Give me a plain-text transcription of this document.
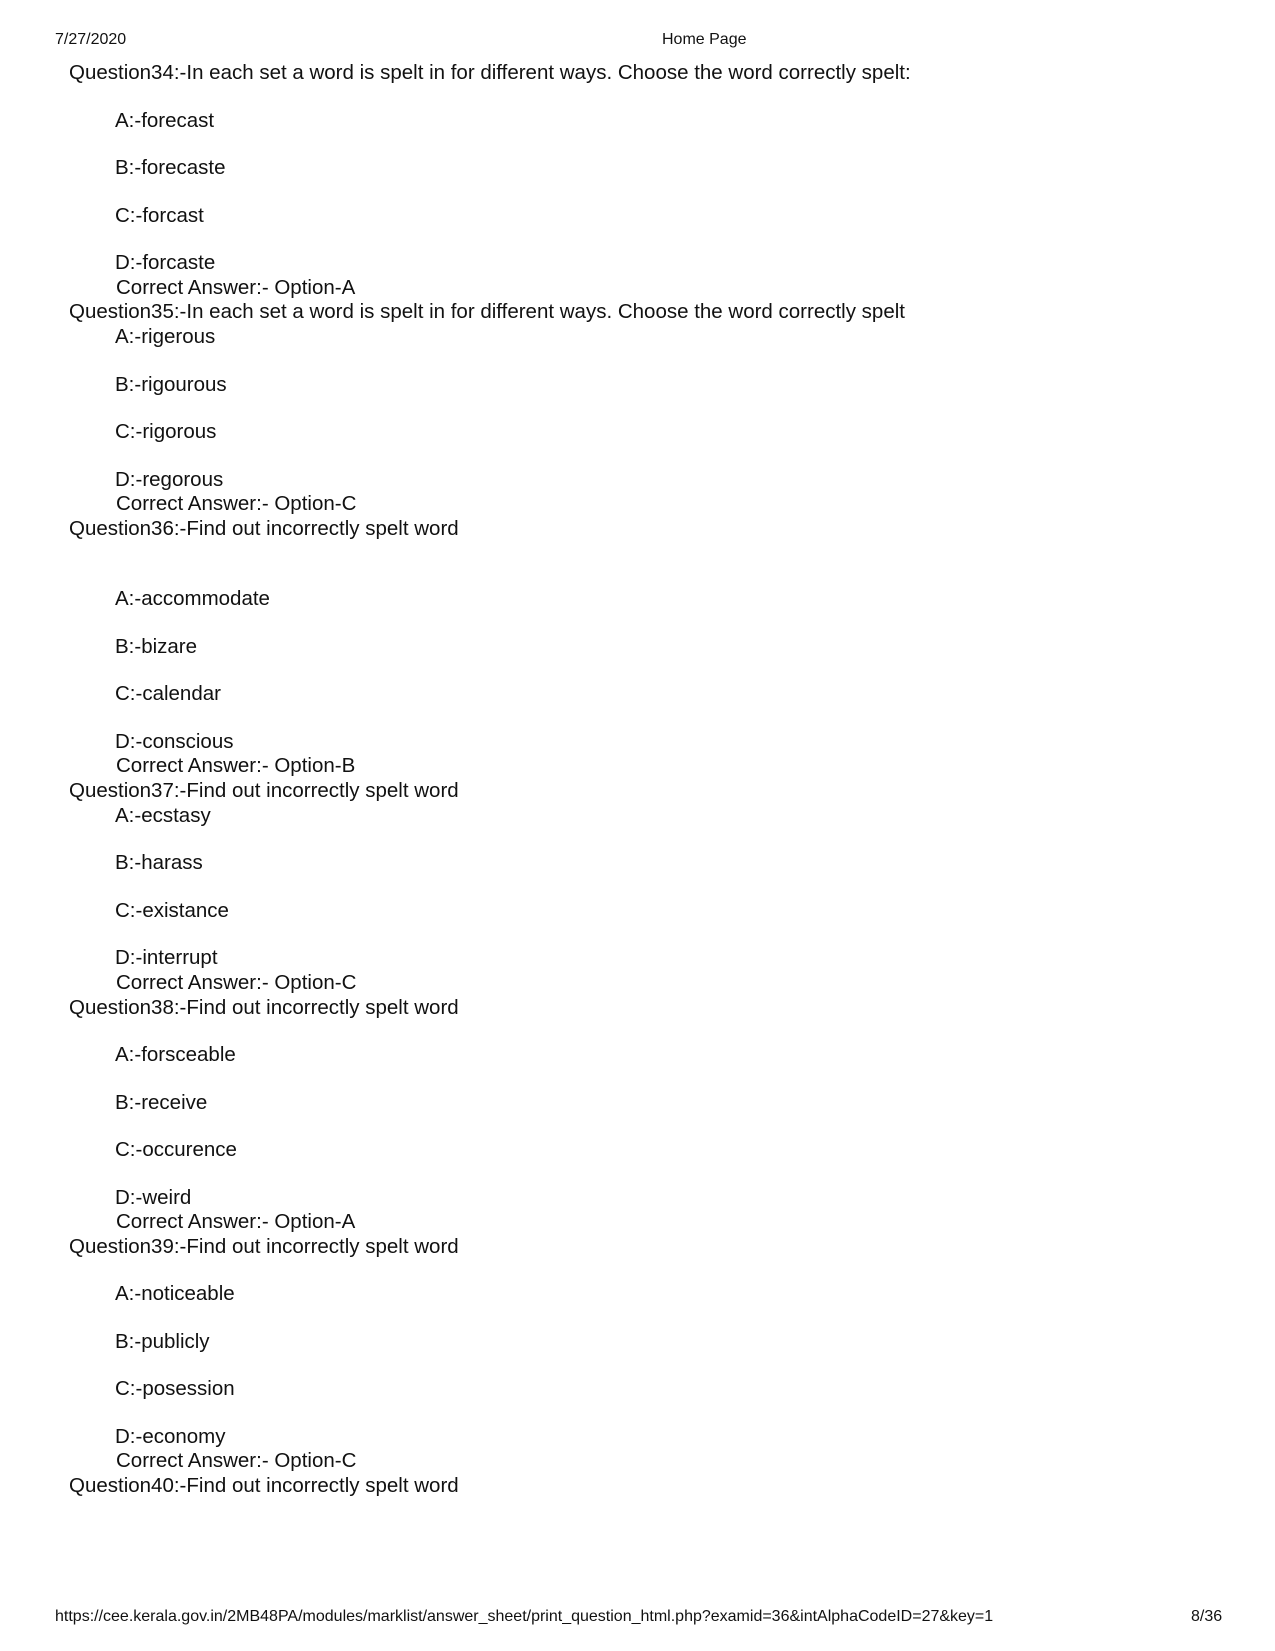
7/27/2020	Home Page
Question34:-In each set a word is spelt in for different ways. Choose the word correctly spelt:
A:-forecast
B:-forecaste
C:-forcast
D:-forcaste
Correct Answer:- Option-A
Question35:-In each set a word is spelt in for different ways. Choose the word correctly spelt
A:-rigerous
B:-rigourous
C:-rigorous
D:-regorous
Correct Answer:- Option-C
Question36:-Find out incorrectly spelt word
A:-accommodate
B:-bizare
C:-calendar
D:-conscious
Correct Answer:- Option-B
Question37:-Find out incorrectly spelt word
A:-ecstasy
B:-harass
C:-existance
D:-interrupt
Correct Answer:- Option-C
Question38:-Find out incorrectly spelt word
A:-forsceable
B:-receive
C:-occurence
D:-weird
Correct Answer:- Option-A
Question39:-Find out incorrectly spelt word
A:-noticeable
B:-publicly
C:-posession
D:-economy
Correct Answer:- Option-C
Question40:-Find out incorrectly spelt word
https://cee.kerala.gov.in/2MB48PA/modules/marklist/answer_sheet/print_question_html.php?examid=36&intAlphaCodeID=27&key=1	8/36
